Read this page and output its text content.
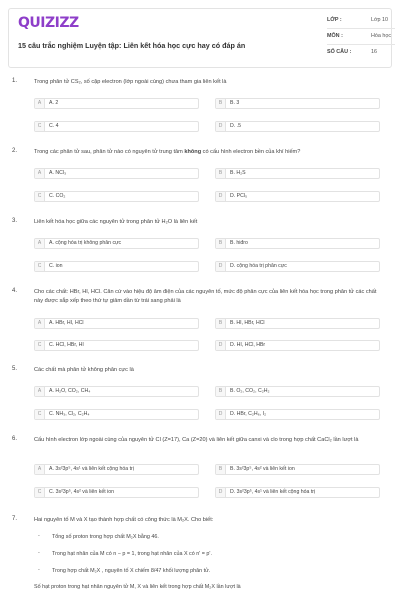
QUIZIZZ
15 câu trắc nghiệm Luyện tập: Liên kết hóa học cực hay có đáp án
LỚP :	Lớp 10
MÔN :	Hóa học
SỐ CÂU :	16
1.	Trong phân tử CS₂, số cặp electron (lớp ngoài cùng) chưa tham gia liên kết là
A	A. 2	B	B. 3
C	C. 4	D	D. .5
2.	Trong các phân tử sau, phân tử nào có nguyên tử trung tâm không có cấu hình electron bền của khí hiếm?
A	A. NCl₃	B	B. H₂S
C	C. CO₂	D	D. PCl₅
3.	Liên kết hóa học giữa các nguyên tử trong phân tử H₂O là liên kết
A	A. cộng hóa trị không phân cực	B	B. hiđro
C	C. ion	D	D. cộng hóa trị phân cực
4.	Cho các chất: HBr, HI, HCl. Căn cứ vào hiệu độ âm điện của các nguyên tố, mức độ phân cực của liên kết hóa học trong phân tử các chất này được sắp xếp theo thứ tự giảm dần từ trái sang phải là
A	A. HBr, HI, HCl	B	B. HI, HBr, HCl
C	C. HCl, HBr, HI	D	D. HI, HCl, HBr
5.	Các chất mà phân tử không phân cực là
A	A. H₂O, CO₂, CH₄	B	B. O₂, CO₂, C₂H₂
C	C. NH₃, Cl₂, C₂H₄	D	D. HBr, C₂H₆, I₂
6.	Cấu hình electron lớp ngoài cùng của nguyên tử Cl (Z=17), Ca (Z=20) và liên kết giữa canxi và clo trong hợp chất CaCl₂ lần lượt là
A	A. 3s²3p⁵, 4s¹ và liên kết cộng hóa trị	B	B. 3s²3p⁵, 4s² và liên kết ion
C	C. 3s²3p⁵, 4s² và liên kết ion	D	D. 3s²3p⁵, 4s¹ và liên kết cộng hóa trị
7.	Hai nguyên tố M và X tạo thành hợp chất có công thức là M₂X. Cho biết:
- Tổng số proton trong hợp chất M₂X bằng 46.
- Trong hạt nhân của M có n − p = 1, trong hạt nhân của X có n' = p'.
- Trong hợp chất M₂X , nguyên tố X chiếm 8/47 khối lượng phân tử.
Số hạt proton trong hạt nhân nguyên tử M, X và liên kết trong hợp chất M₂X lần lượt là
